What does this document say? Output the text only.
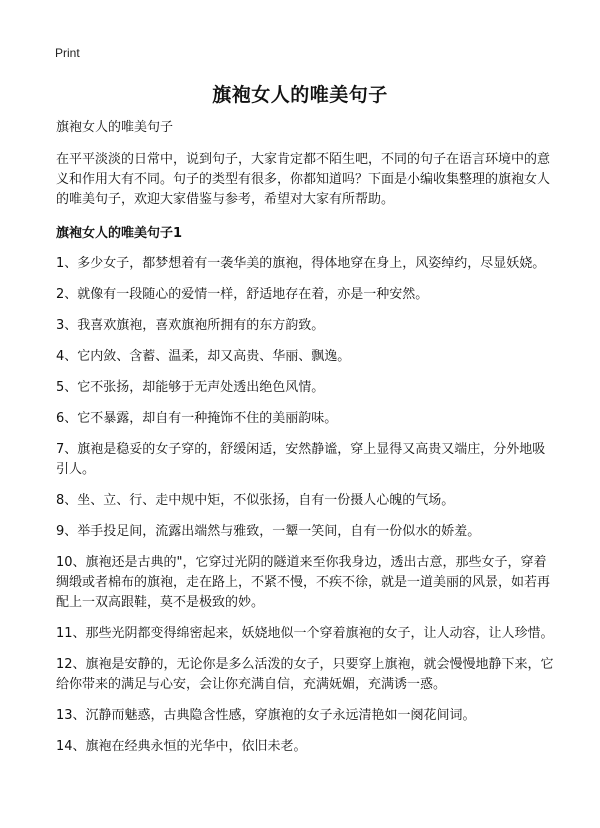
Print
旗袍女人的唯美句子

旗袍女人的唯美句子

在平平淡淡的日常中，说到句子，大家肯定都不陌生吧，不同的句子在语言环境中的意义和作用大有不同。句子的类型有很多，你都知道吗？下面是小编收集整理的旗袍女人的唯美句子，欢迎大家借鉴与参考，希望对大家有所帮助。

旗袍女人的唯美句子1

1、多少女子，都梦想着有一袭华美的旗袍，得体地穿在身上，风姿绰约，尽显妖娆。

2、就像有一段随心的爱情一样，舒适地存在着，亦是一种安然。

3、我喜欢旗袍，喜欢旗袍所拥有的东方韵致。

4、它内敛、含蓄、温柔，却又高贵、华丽、飘逸。

5、它不张扬，却能够于无声处透出绝色风情。

6、它不暴露，却自有一种掩饰不住的美丽韵味。

7、旗袍是稳妥的女子穿的，舒缓闲适，安然静谧，穿上显得又高贵又端庄，分外地吸引人。

8、坐、立、行、走中规中矩，不似张扬，自有一份摄人心魄的气场。

9、举手投足间，流露出端然与雅致，一颦一笑间，自有一份似水的娇羞。

10、旗袍还是古典的"，它穿过光阴的隧道来至你我身边，透出古意，那些女子，穿着绸缎或者棉布的旗袍，走在路上，不紧不慢，不疾不徐，就是一道美丽的风景，如若再配上一双高跟鞋，莫不是极致的妙。

11、那些光阴都变得绵密起来，妖娆地似一个穿着旗袍的女子，让人动容，让人珍惜。

12、旗袍是安静的，无论你是多么活泼的女子，只要穿上旗袍，就会慢慢地静下来，它给你带来的满足与心安，会让你充满自信，充满妩媚，充满诱一惑。

13、沉静而魅惑，古典隐含性感，穿旗袍的女子永远清艳如一阕花间词。

14、旗袍在经典永恒的光华中，依旧未老。
